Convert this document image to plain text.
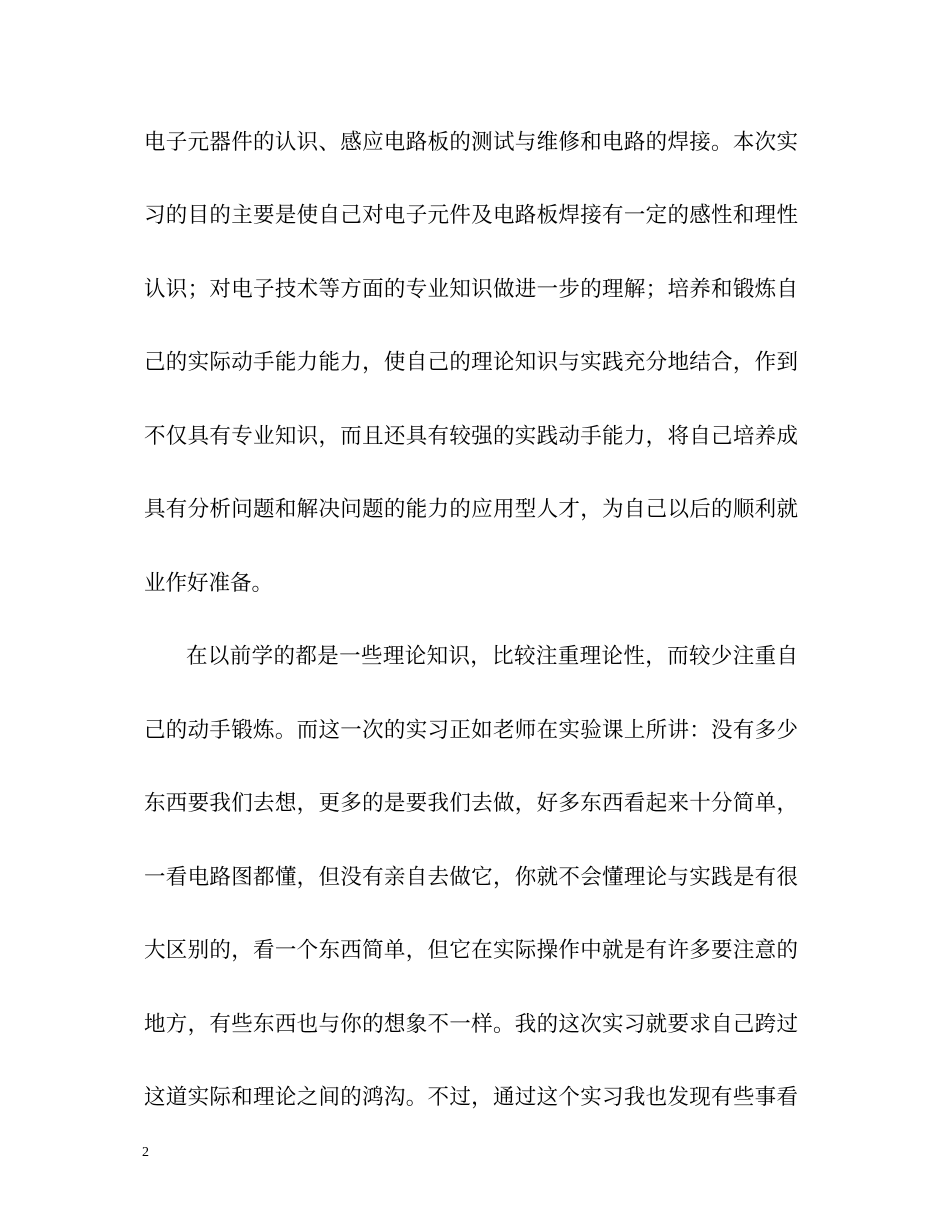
电子元器件的认识、感应电路板的测试与维修和电路的焊接。本次实
习的目的主要是使自己对电子元件及电路板焊接有一定的感性和理性
认识；对电子技术等方面的专业知识做进一步的理解；培养和锻炼自
己的实际动手能力能力，使自己的理论知识与实践充分地结合，作到
不仅具有专业知识，而且还具有较强的实践动手能力，将自己培养成
具有分析问题和解决问题的能力的应用型人才，为自己以后的顺利就
业作好准备。
在以前学的都是一些理论知识，比较注重理论性，而较少注重自
己的动手锻炼。而这一次的实习正如老师在实验课上所讲：没有多少
东西要我们去想，更多的是要我们去做，好多东西看起来十分简单，
一看电路图都懂，但没有亲自去做它，你就不会懂理论与实践是有很
大区别的，看一个东西简单，但它在实际操作中就是有许多要注意的
地方，有些东西也与你的想象不一样。我的这次实习就要求自己跨过
这道实际和理论之间的鸿沟。不过，通过这个实习我也发现有些事看
2
